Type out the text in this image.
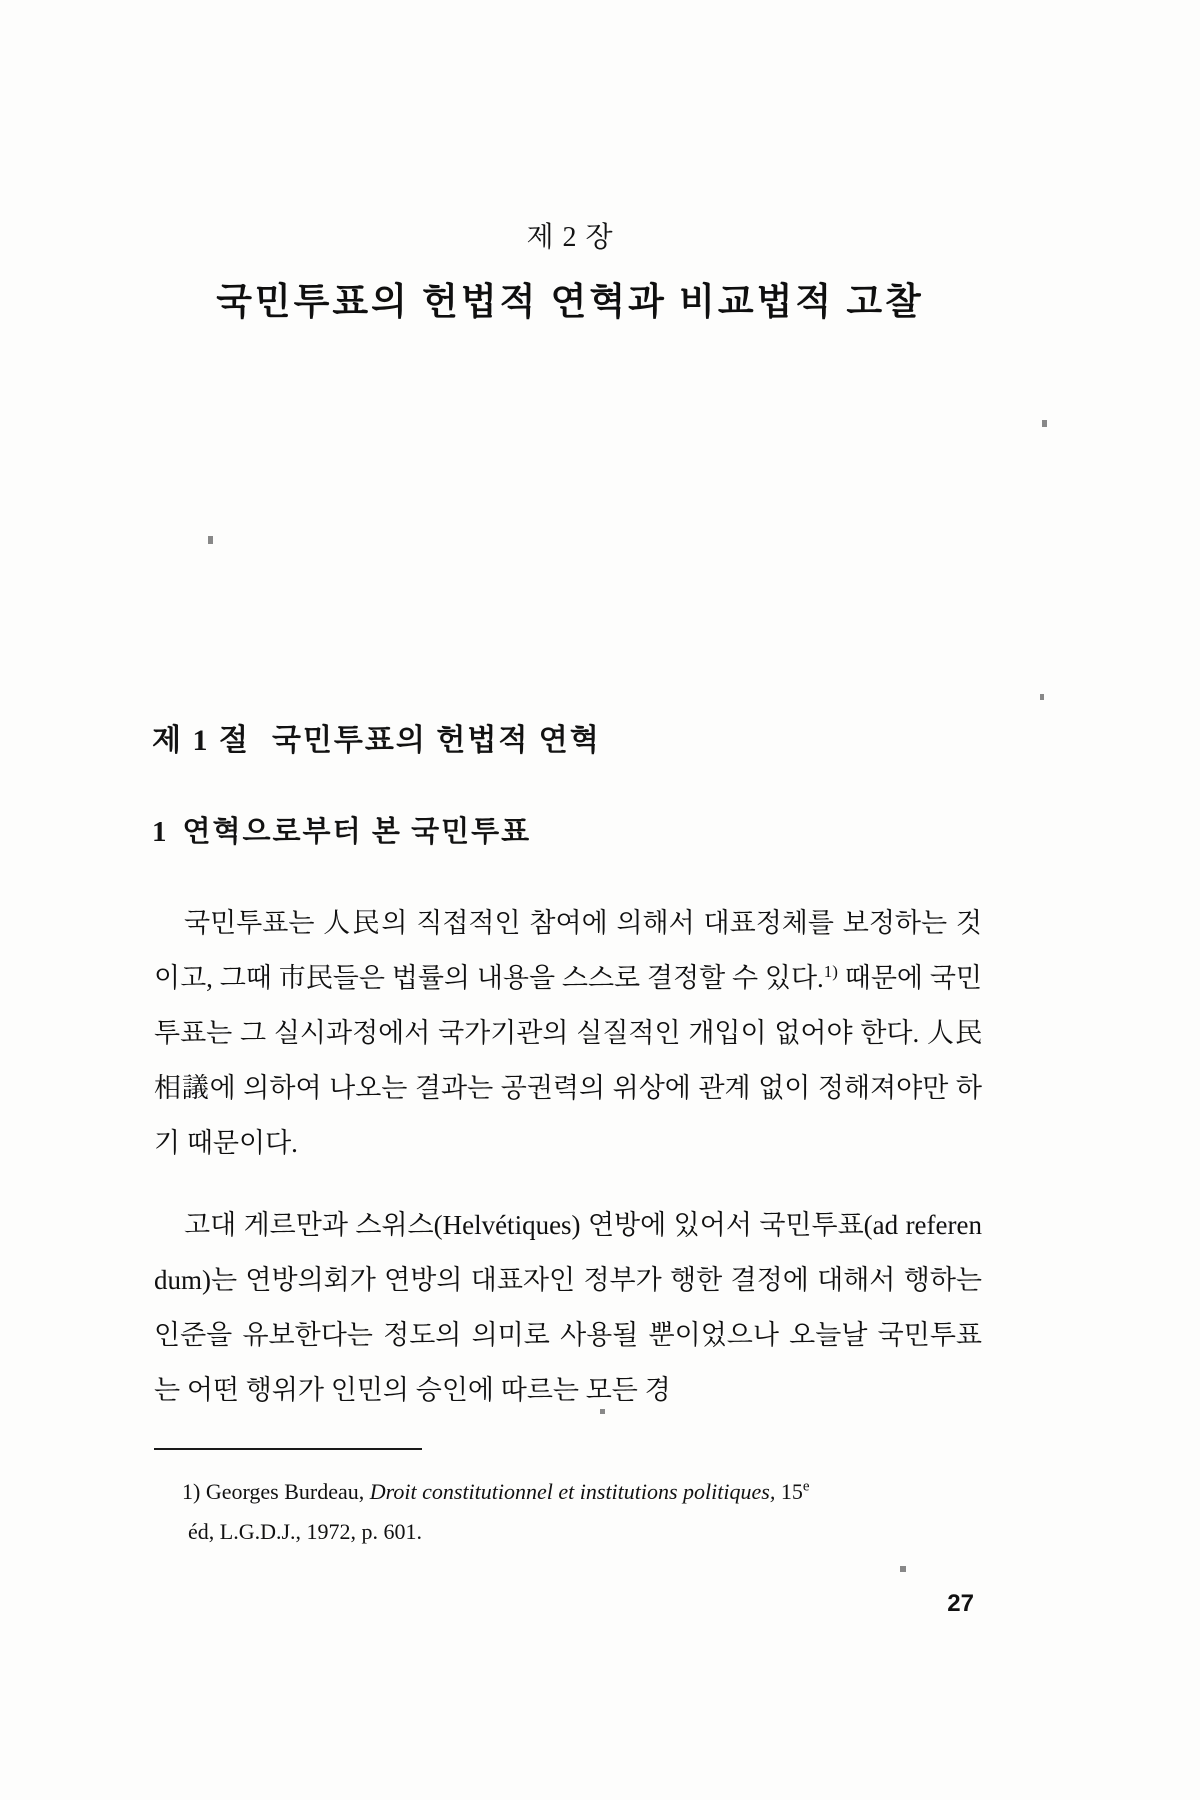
제 2 장
국민투표의 헌법적 연혁과 비교법적 고찰
제 1 절 국민투표의 헌법적 연혁
1 연혁으로부터 본 국민투표

국민투표는 人民의 직접적인 참여에 의해서 대표정체를 보정하는 것이고, 그때 市民들은 법률의 내용을 스스로 결정할 수 있다.$^{1)}$ 때문에 국민투표는 그 실시과정에서 국가기관의 실질적인 개입이 없어야 한다. 人民相議에 의하여 나오는 결과는 공권력의 위상에 관계 없이 정해져야만 하기 때문이다.

고대 게르만과 스위스(Helvétiques) 연방에 있어서 국민투표(ad referendum)는 연방의회가 연방의 대표자인 정부가 행한 결정에 대해서 행하는 인준을 유보한다는 정도의 의미로 사용될 뿐이었으나 오늘날 국민투표는 어떤 행위가 인민의 승인에 따르는 모든 경

1) Georges Burdeau, Droit constitutionnel et institutions politiques, 15e
éd, L.G.D.J., 1972, p. 601.
27
